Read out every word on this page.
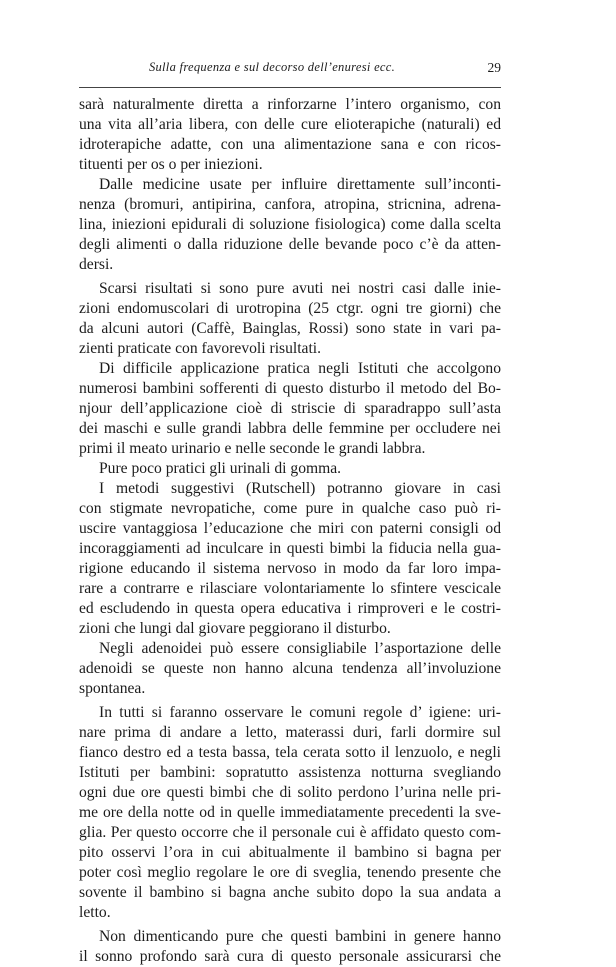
Sulla frequenza e sul decorso dell’enuresi ecc.	29
sarà naturalmente diretta a rinforzarne l’intero organismo, con
una vita all’aria libera, con delle cure elioterapiche (naturali) ed
idroterapiche adatte, con una alimentazione sana e con ricos-
tituenti per os o per iniezioni.
Dalle medicine usate per influire direttamente sull’inconti-
nenza (bromuri, antipirina, canfora, atropina, stricnina, adrena-
lina, iniezioni epidurali di soluzione fisiologica) come dalla scelta
degli alimenti o dalla riduzione delle bevande poco c’è da atten-
dersi.
Scarsi risultati si sono pure avuti nei nostri casi dalle inie-
zioni endomuscolari di urotropina (25 ctgr. ogni tre giorni) che
da alcuni autori (Caffè, Bainglas, Rossi) sono state in vari pa-
zienti praticate con favorevoli risultati.
Di difficile applicazione pratica negli Istituti che accolgono
numerosi bambini sofferenti di questo disturbo il metodo del Bo-
njour dell’applicazione cioè di striscie di sparadrappo sull’asta
dei maschi e sulle grandi labbra delle femmine per occludere nei
primi il meato urinario e nelle seconde le grandi labbra.
Pure poco pratici gli urinali di gomma.
I metodi suggestivi (Rutschell) potranno giovare in casi
con stigmate nevropatiche, come pure in qualche caso può ri-
uscire vantaggiosa l’educazione che miri con paterni consigli od
incoraggiamenti ad inculcare in questi bimbi la fiducia nella gua-
rigione educando il sistema nervoso in modo da far loro impa-
rare a contrarre e rilasciare volontariamente lo sfintere vescicale
ed escludendo in questa opera educativa i rimproveri e le costri-
zioni che lungi dal giovare peggiorano il disturbo.
Negli adenoidei può essere consigliabile l’asportazione delle
adenoidi se queste non hanno alcuna tendenza all’involuzione
spontanea.
In tutti si faranno osservare le comuni regole d’ igiene: uri-
nare prima di andare a letto, materassi duri, farli dormire sul
fianco destro ed a testa bassa, tela cerata sotto il lenzuolo, e negli
Istituti per bambini: sopratutto assistenza notturna svegliando
ogni due ore questi bimbi che di solito perdono l’urina nelle pri-
me ore della notte od in quelle immediatamente precedenti la sve-
glia. Per questo occorre che il personale cui è affidato questo com-
pito osservi l’ora in cui abitualmente il bambino si bagna per
poter così meglio regolare le ore di sveglia, tenendo presente che
sovente il bambino si bagna anche subito dopo la sua andata a
letto.
Non dimenticando pure che questi bambini in genere hanno
il sonno profondo sarà cura di questo personale assicurarsi che
